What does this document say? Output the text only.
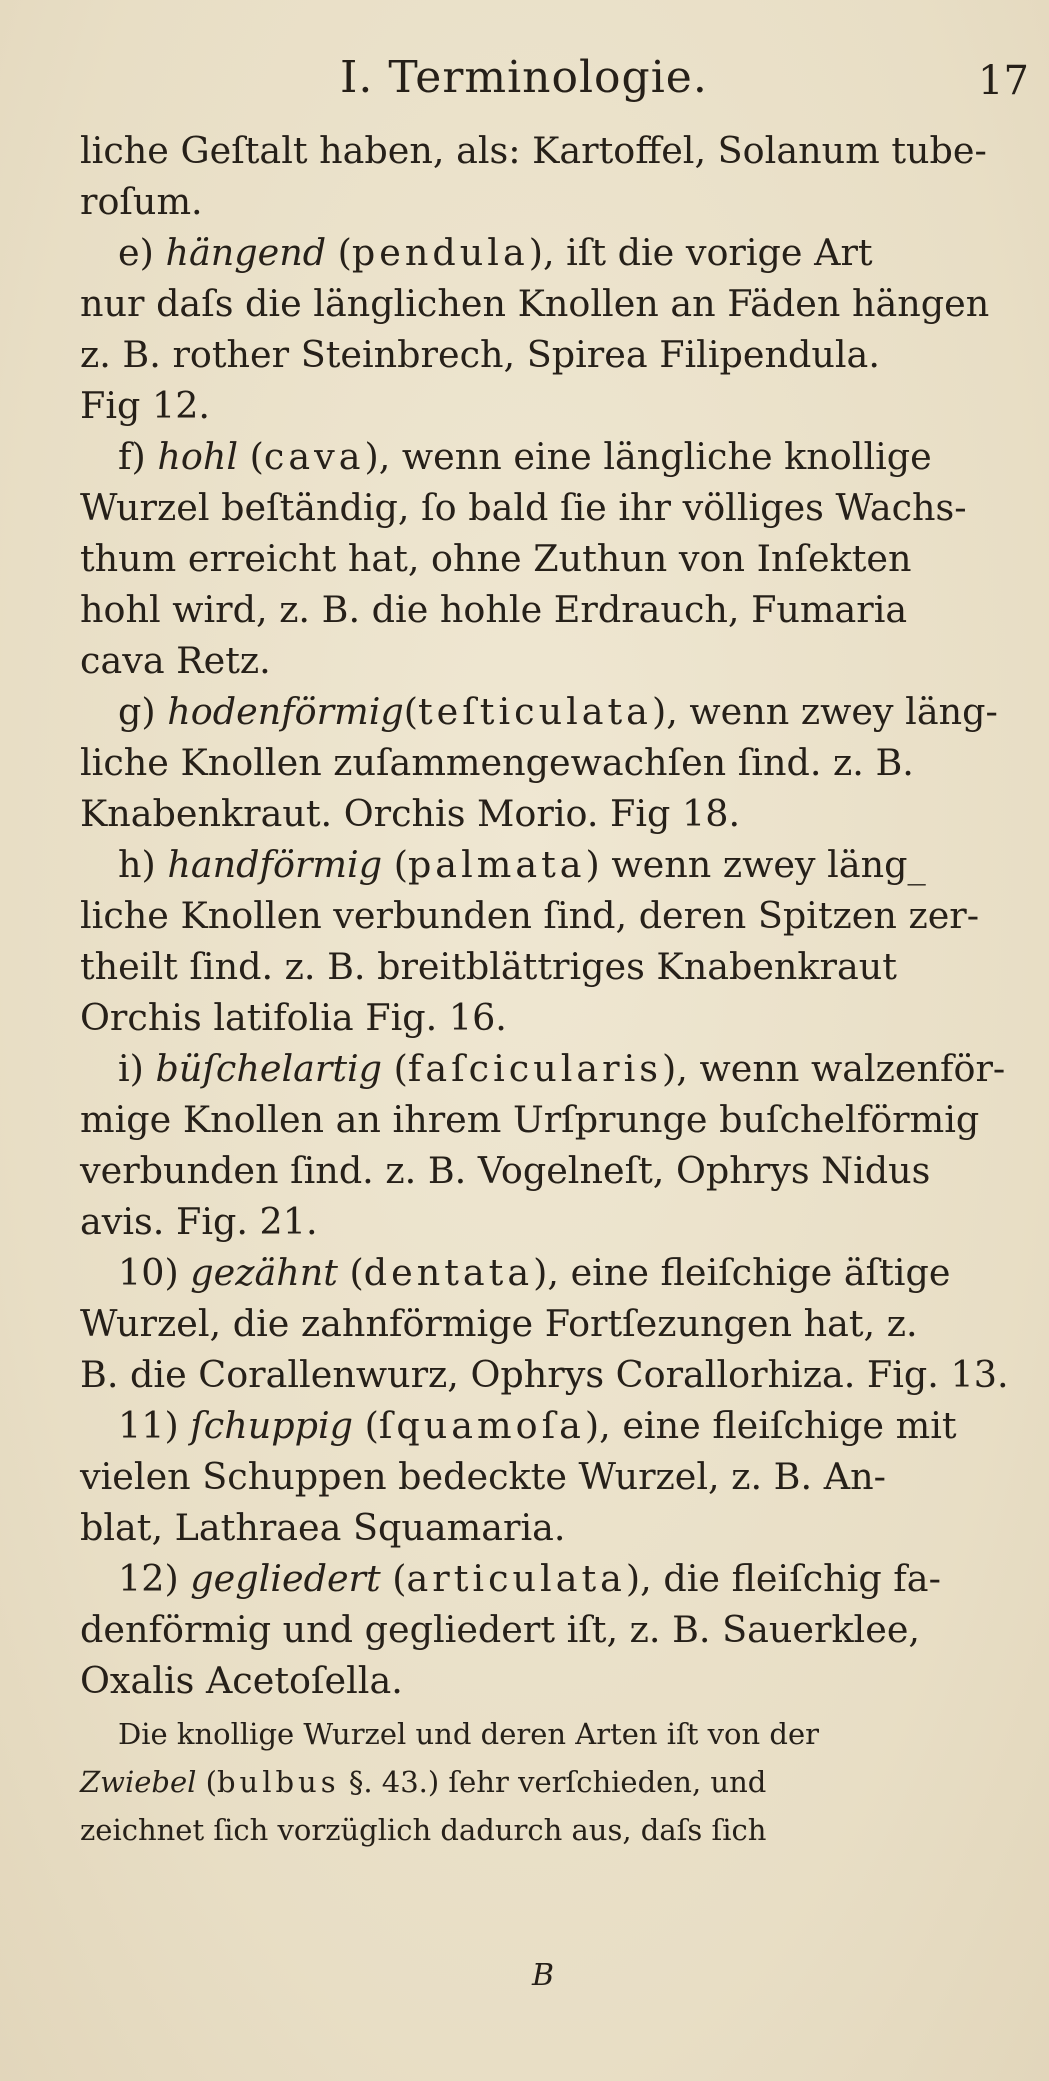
I. Terminologie.	17
liche Geſtalt haben, als: Kartoffel, Solanum tube-
roſum.
e) hängend (pendula), iſt die vorige Art
nur daſs die länglichen Knollen an Fäden hängen
z. B. rother Steinbrech, Spirea Filipendula.
Fig 12.
f) hohl (cava), wenn eine längliche knollige
Wurzel beſtändig, ſo bald ſie ihr völliges Wachs-
thum erreicht hat, ohne Zuthun von Inſekten
hohl wird, z. B. die hohle Erdrauch, Fumaria
cava Retz.
g) hodenförmig(teſticulata), wenn zwey läng-
liche Knollen zuſammengewachſen ſind. z. B.
Knabenkraut. Orchis Morio. Fig 18.
h) handförmig (palmata) wenn zwey läng_
liche Knollen verbunden ſind, deren Spitzen zer-
theilt ſind. z. B. breitblättriges Knabenkraut
Orchis latifolia Fig. 16.
i) büſchelartig (faſcicularis), wenn walzenför-
mige Knollen an ihrem Urſprunge buſchelförmig
verbunden ſind. z. B. Vogelneſt, Ophrys Nidus
avis. Fig. 21.
10) gezähnt (dentata), eine fleiſchige äſtige
Wurzel, die zahnförmige Fortſezungen hat, z.
B. die Corallenwurz, Ophrys Corallorhiza. Fig. 13.
11) ſchuppig (ſquamoſa), eine fleiſchige mit
vielen Schuppen bedeckte Wurzel, z. B. An-
blat, Lathraea Squamaria.
12) gegliedert (articulata), die fleiſchig fa-
denförmig und gegliedert iſt, z. B. Sauerklee,
Oxalis Acetoſella.
Die knollige Wurzel und deren Arten iſt von der
Zwiebel (bulbus §. 43.) ſehr verſchieden, und
zeichnet ſich vorzüglich dadurch aus, daſs ſich
B
